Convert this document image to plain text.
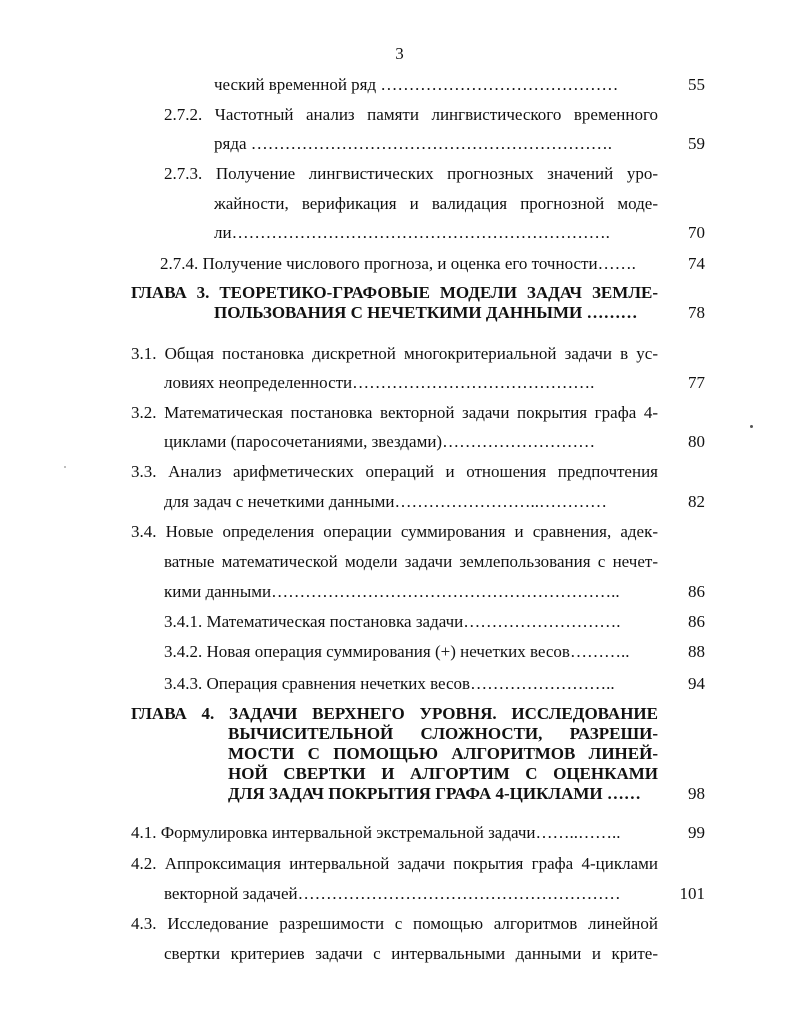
3
ческий временной ряд ……………………………………	55
2.7.2. Частотный анализ памяти лингвистического временного
ряда ……………………………………………………….	59
2.7.3. Получение лингвистических прогнозных значений уро-
жайности, верификация и валидация прогнозной моде-
ли………………………………………………………….	70
2.7.4. Получение числового прогноза, и оценка его точности…….	74
ГЛАВА 3. ТЕОРЕТИКО-ГРАФОВЫЕ МОДЕЛИ ЗАДАЧ ЗЕМЛЕ-
ПОЛЬЗОВАНИЯ С НЕЧЕТКИМИ ДАННЫМИ ………	78
3.1. Общая постановка дискретной многокритериальной задачи в ус-
ловиях неопределенности…………………………………….	77
3.2. Математическая постановка векторной задачи покрытия графа 4-
циклами (паросочетаниями, звездами)………………………	80
3.3. Анализ арифметических операций и отношения предпочтения
для задач с нечеткими данными……………………..…………	82
3.4. Новые определения операции суммирования и сравнения, адек-
ватные математической модели задачи землепользования с нечет-
кими данными……………………………………………………..	86
3.4.1. Математическая постановка задачи……………………….	86
3.4.2. Новая операция суммирования (+) нечетких весов………..	88
3.4.3. Операция сравнения нечетких весов……………………..	94
ГЛАВА 4. ЗАДАЧИ ВЕРХНЕГО УРОВНЯ. ИССЛЕДОВАНИЕ
ВЫЧИСИТЕЛЬНОЙ СЛОЖНОСТИ, РАЗРЕШИ-
МОСТИ С ПОМОЩЬЮ АЛГОРИТМОВ ЛИНЕЙ-
НОЙ СВЕРТКИ И АЛГОРТИМ С ОЦЕНКАМИ
ДЛЯ ЗАДАЧ ПОКРЫТИЯ ГРАФА 4-ЦИКЛАМИ ……	98
4.1. Формулировка интервальной экстремальной задачи……..……..	99
4.2. Аппроксимация интервальной задачи покрытия графа 4-циклами
векторной задачей…………………………………………………	101
4.3. Исследование разрешимости с помощью алгоритмов линейной
свертки критериев задачи с интервальными данными и крите-
